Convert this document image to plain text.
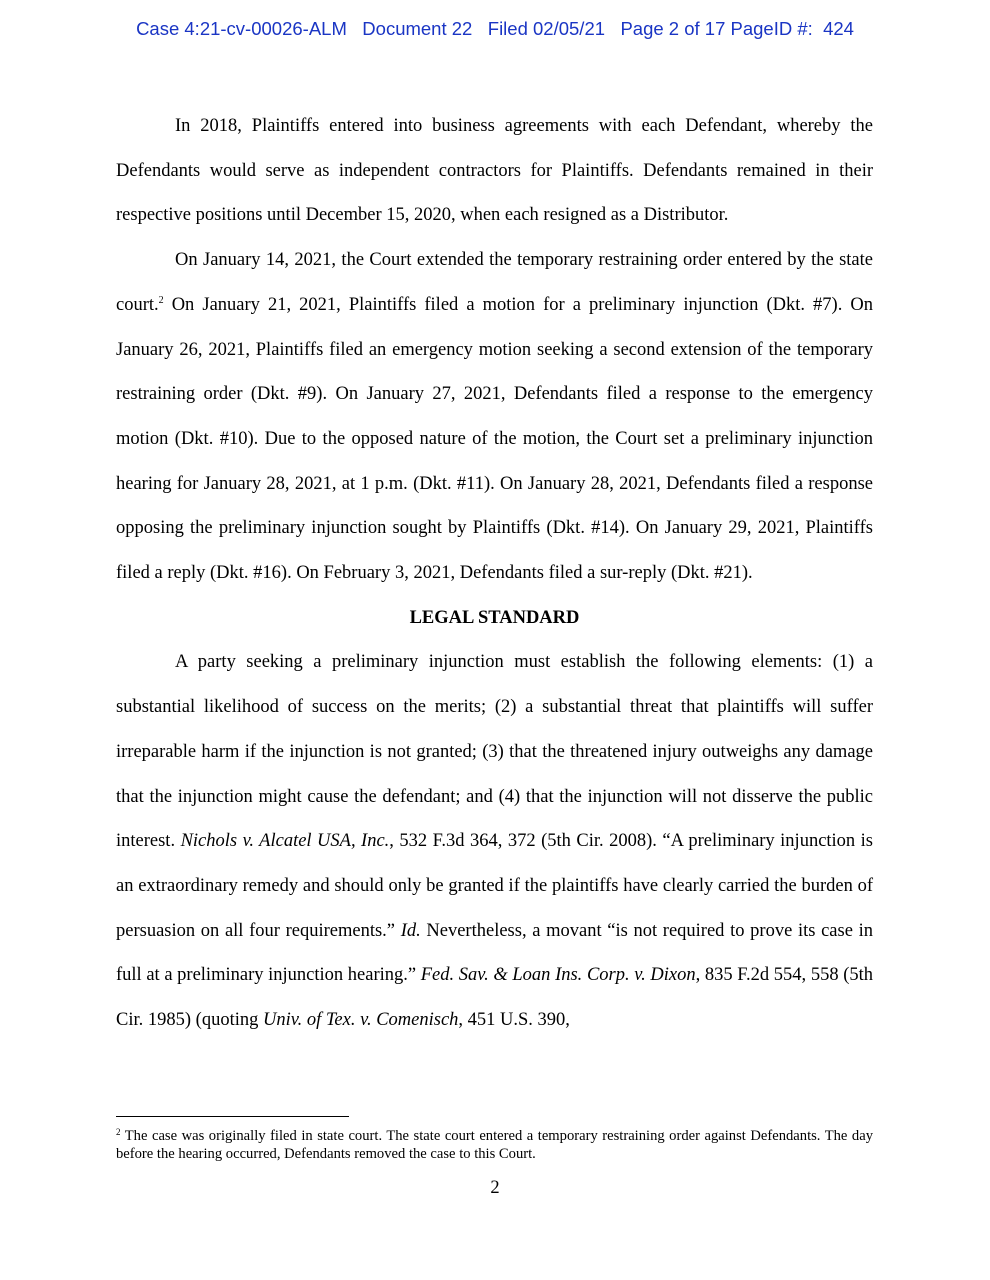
Case 4:21-cv-00026-ALM Document 22 Filed 02/05/21 Page 2 of 17 PageID #:  424

In 2018, Plaintiffs entered into business agreements with each Defendant, whereby the Defendants would serve as independent contractors for Plaintiffs. Defendants remained in their respective positions until December 15, 2020, when each resigned as a Distributor.

On January 14, 2021, the Court extended the temporary restraining order entered by the state court.$^2$ On January 21, 2021, Plaintiffs filed a motion for a preliminary injunction (Dkt. #7). On January 26, 2021, Plaintiffs filed an emergency motion seeking a second extension of the temporary restraining order (Dkt. #9). On January 27, 2021, Defendants filed a response to the emergency motion (Dkt. #10). Due to the opposed nature of the motion, the Court set a preliminary injunction hearing for January 28, 2021, at 1 p.m. (Dkt. #11). On January 28, 2021, Defendants filed a response opposing the preliminary injunction sought by Plaintiffs (Dkt. #14). On January 29, 2021, Plaintiffs filed a reply (Dkt. #16). On February 3, 2021, Defendants filed a sur-reply (Dkt. #21).

LEGAL STANDARD

A party seeking a preliminary injunction must establish the following elements: (1) a substantial likelihood of success on the merits; (2) a substantial threat that plaintiffs will suffer irreparable harm if the injunction is not granted; (3) that the threatened injury outweighs any damage that the injunction might cause the defendant; and (4) that the injunction will not disserve the public interest. Nichols v. Alcatel USA, Inc., 532 F.3d 364, 372 (5th Cir. 2008). “A preliminary injunction is an extraordinary remedy and should only be granted if the plaintiffs have clearly carried the burden of persuasion on all four requirements.” Id. Nevertheless, a movant “is not required to prove its case in full at a preliminary injunction hearing.” Fed. Sav. & Loan Ins. Corp. v. Dixon, 835 F.2d 554, 558 (5th Cir. 1985) (quoting Univ. of Tex. v. Comenisch, 451 U.S. 390,

$^2$ The case was originally filed in state court. The state court entered a temporary restraining order against Defendants. The day before the hearing occurred, Defendants removed the case to this Court.
2
